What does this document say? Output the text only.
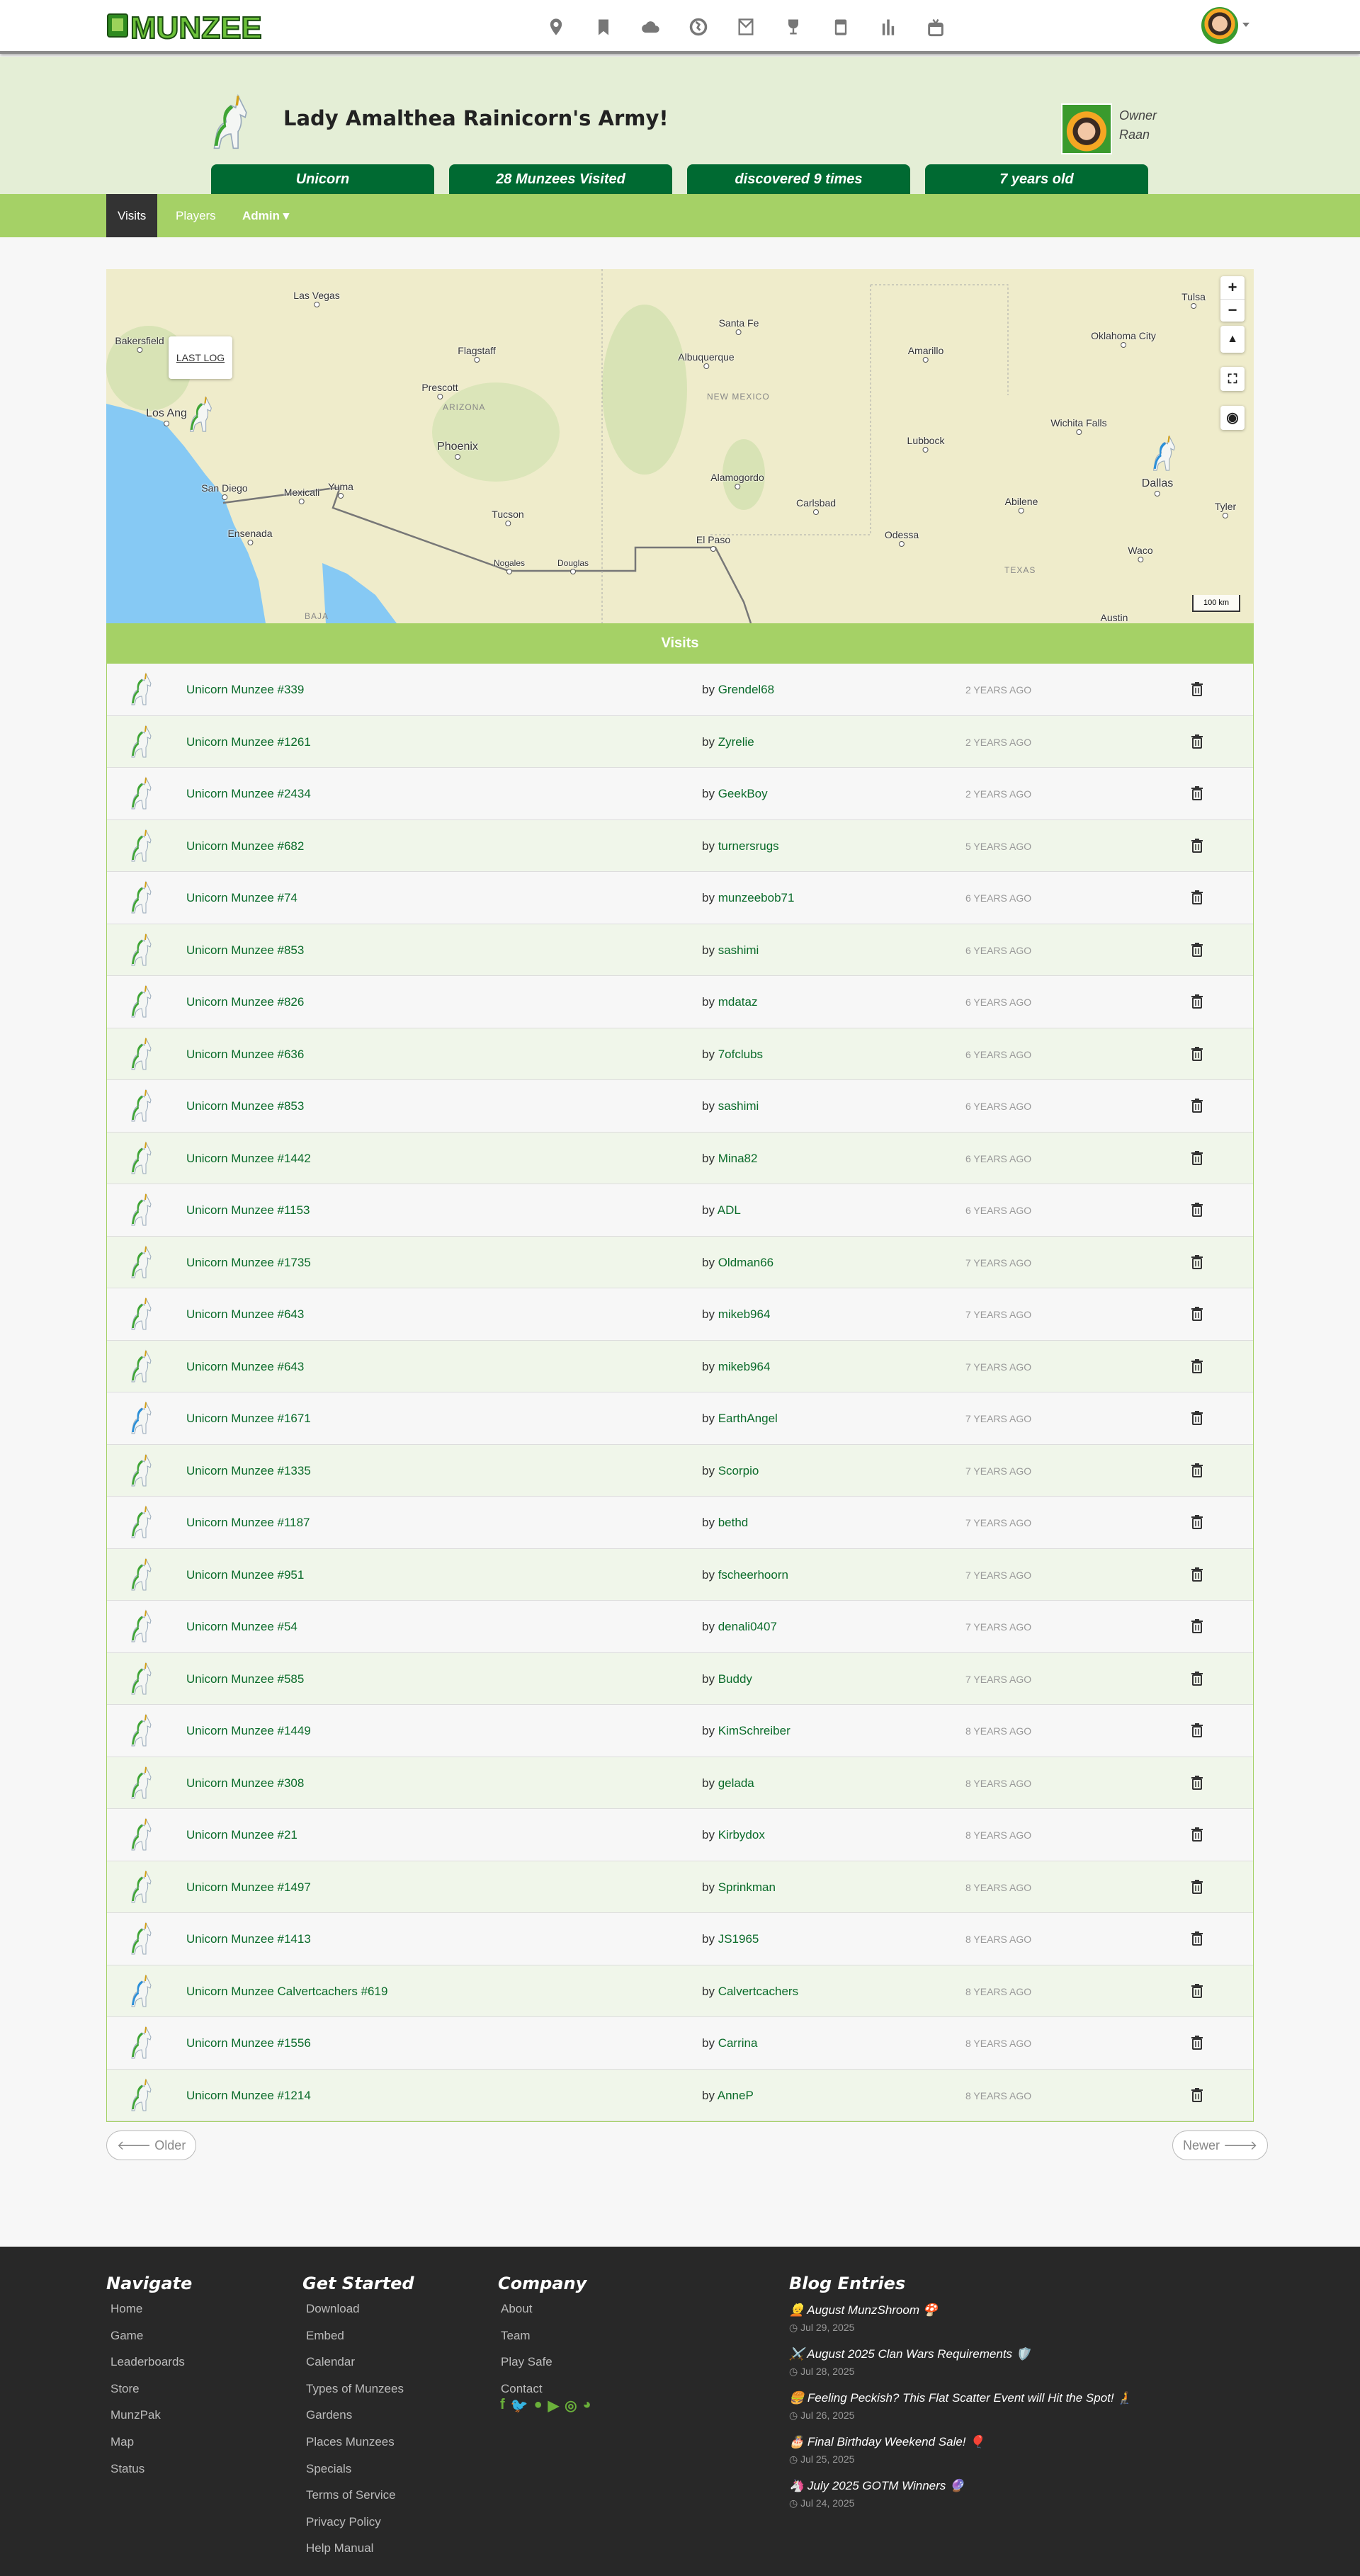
MUNZEE
Lady Amalthea Rainicorn's Army!	Owner
Raan
Unicorn	28 Munzees Visited	discovered 9 times	7 years old
Visits	Players	Admin ▾
Las Vegas
Bakersfield
Santa Fe
Flagstaff
Albuquerque
Amarillo
Oklahoma City
Tulsa
Prescott
Los Ang
Phoenix	Lubbock
Wichita Falls
Dallas
San Diego	Mexicali Yuma
Tucson
Alamogordo
Carlsbad	Abilene	Tyler
Ensenada
El Paso	Odessa
Waco
Nogales	Douglas
Austin
NEW MEXICO
ARIZONA
TEXAS
BAJA
LAST LOG
+
−
▲
⛶
◉
100 km
Visits
Unicorn Munzee #339	by Grendel68	2 YEARS AGO
Unicorn Munzee #1261	by Zyrelie	2 YEARS AGO
Unicorn Munzee #2434	by GeekBoy	2 YEARS AGO
Unicorn Munzee #682	by turnersrugs	5 YEARS AGO
Unicorn Munzee #74	by munzeebob71	6 YEARS AGO
Unicorn Munzee #853	by sashimi	6 YEARS AGO
Unicorn Munzee #826	by mdataz	6 YEARS AGO
Unicorn Munzee #636	by 7ofclubs	6 YEARS AGO
Unicorn Munzee #853	by sashimi	6 YEARS AGO
Unicorn Munzee #1442	by Mina82	6 YEARS AGO
Unicorn Munzee #1153	by ADL	6 YEARS AGO
Unicorn Munzee #1735	by Oldman66	7 YEARS AGO
Unicorn Munzee #643	by mikeb964	7 YEARS AGO
Unicorn Munzee #643	by mikeb964	7 YEARS AGO
Unicorn Munzee #1671	by EarthAngel	7 YEARS AGO
Unicorn Munzee #1335	by Scorpio	7 YEARS AGO
Unicorn Munzee #1187	by bethd	7 YEARS AGO
Unicorn Munzee #951	by fscheerhoorn	7 YEARS AGO
Unicorn Munzee #54	by denali0407	7 YEARS AGO
Unicorn Munzee #585	by Buddy	7 YEARS AGO
Unicorn Munzee #1449	by KimSchreiber	8 YEARS AGO
Unicorn Munzee #308	by gelada	8 YEARS AGO
Unicorn Munzee #21	by Kirbydox	8 YEARS AGO
Unicorn Munzee #1497	by Sprinkman	8 YEARS AGO
Unicorn Munzee #1413	by JS1965	8 YEARS AGO
Unicorn Munzee Calvertcachers #619	by Calvertcachers	8 YEARS AGO
Unicorn Munzee #1556	by Carrina	8 YEARS AGO
Unicorn Munzee #1214	by AnneP	8 YEARS AGO
🡐 Older	Newer 🡒
Navigate	Get Started	Company	Blog Entries
Home
Game
Leaderboards
Store
MunzPak
Map
Status
Download
Embed
Calendar
Types of Munzees
Gardens
Places Munzees
Specials
Terms of Service
Privacy Policy
Help Manual
About
Team
Play Safe
Contact
👱 August MunzShroom 🍄
◷ Jul 29, 2025
⚔️ August 2025 Clan Wars Requirements 🛡️
◷ Jul 28, 2025
🍔 Feeling Peckish? This Flat Scatter Event will Hit the Spot! 🧎
◷ Jul 26, 2025
🎂 Final Birthday Weekend Sale! 🎈
◷ Jul 25, 2025
🦄 July 2025 GOTM Winners 🔮
◷ Jul 24, 2025
f 🐦 ● ▶ ◎ ◕
